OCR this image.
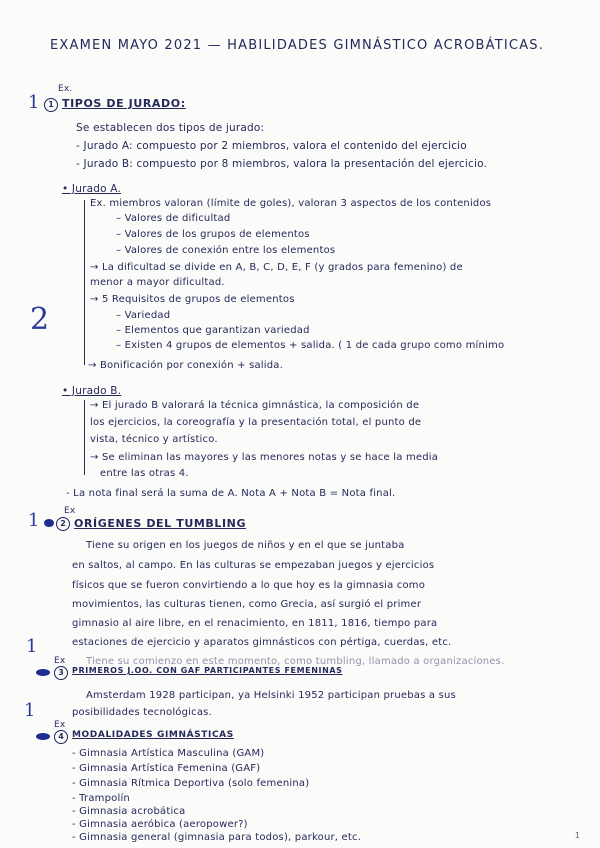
EXAMEN MAYO 2021 — HABILIDADES GIMNÁSTICO ACROBÁTICAS.
1
2
1
1
1
Ex.
1 TIPOS DE JURADO:
Se establecen dos tipos de jurado:
- Jurado A: compuesto por 2 miembros, valora el contenido del ejercicio
- Jurado B: compuesto por 8 miembros, valora la presentación del ejercicio.
• Jurado A.
Ex. miembros valoran (límite de goles), valoran 3 aspectos de los contenidos
– Valores de dificultad
– Valores de los grupos de elementos
– Valores de conexión entre los elementos
→ La dificultad se divide en A, B, C, D, E, F (y grados para femenino) de
menor a mayor dificultad.
→ 5 Requisitos de grupos de elementos
– Variedad
– Elementos que garantizan variedad
– Existen 4 grupos de elementos + salida. ( 1 de cada grupo como mínimo
→ Bonificación por conexión + salida.
• Jurado B.
→ El jurado B valorará la técnica gimnástica, la composición de
los ejercicios, la coreografía y la presentación total, el punto de
vista, técnico y artístico.
→ Se eliminan las mayores y las menores notas y se hace la media
entre las otras 4.
- La nota final será la suma de A. Nota A + Nota B = Nota final.
Ex
2 ORÍGENES DEL TUMBLING
Tiene su origen en los juegos de niños y en el que se juntaba
en saltos, al campo. En las culturas se empezaban juegos y ejercicios
físicos que se fueron convirtiendo a lo que hoy es la gimnasia como
movimientos, las culturas tienen, como Grecia, así surgió el primer
gimnasio al aire libre, en el renacimiento, en 1811, 1816, tiempo para
estaciones de ejercicio y aparatos gimnásticos con pértiga, cuerdas, etc.
Tiene su comienzo en este momento, como tumbling, llamado a organizaciones.
Ex
3	PRIMEROS J.OO. CON GAF PARTICIPANTES FEMENINAS
Amsterdam 1928 participan, ya Helsinki 1952 participan pruebas a sus
posibilidades tecnológicas.
Ex
4 MODALIDADES GIMNÁSTICAS
- Gimnasia Artística Masculina (GAM)
- Gimnasia Artística Femenina (GAF)
- Gimnasia Rítmica Deportiva (solo femenina)
- Trampolín
- Gimnasia acrobática
- Gimnasia aeróbica (aeropower?)
- Gimnasia general (gimnasia para todos), parkour, etc.	1
